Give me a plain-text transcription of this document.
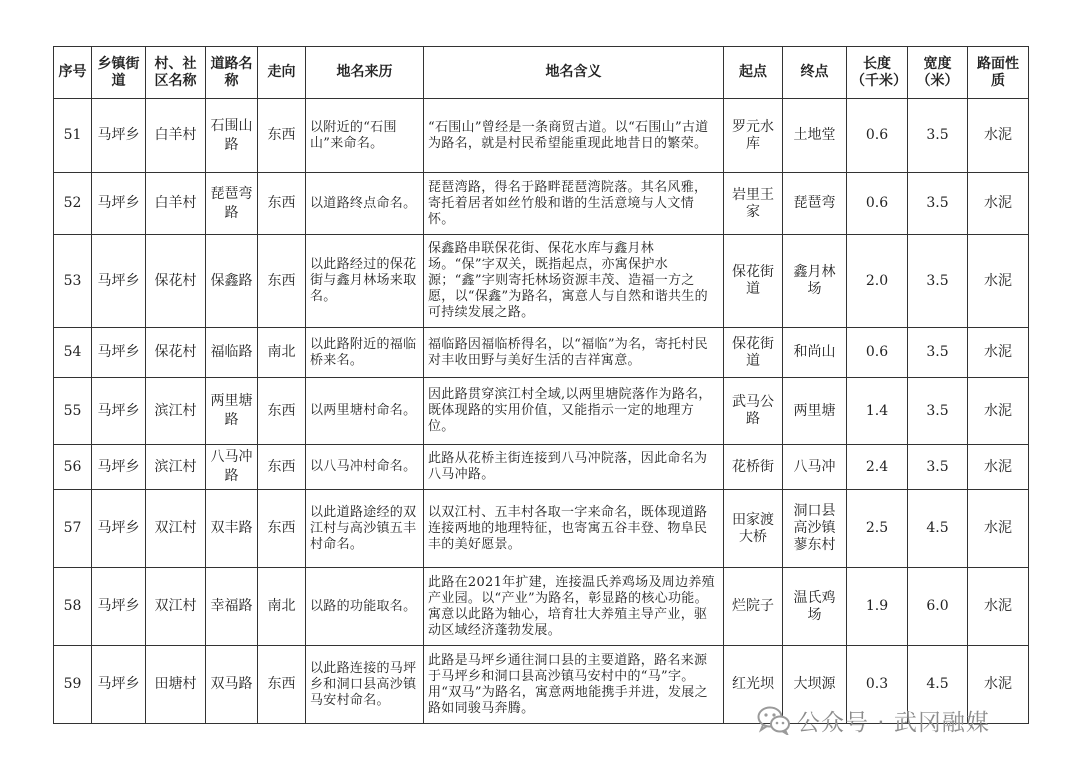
序号	乡镇街道	村、社区名称	道路名称	走向	地名来历	地名含义	起点	终点	长度（千米）	宽度（米）	路面性质
51	马坪乡	白羊村	石围山路	东西	以附近的“石围山”来命名。	“石围山”曾经是一条商贸古道。以“石围山”古道为路名，就是村民希望能重现此地昔日的繁荣。	罗元水库	土地堂	0.6	3.5	水泥
52	马坪乡	白羊村	琵琶弯路	东西	以道路终点命名。	琵琶湾路，得名于路畔琵琶湾院落。其名风雅，寄托着居者如丝竹般和谐的生活意境与人文情怀。	岩里王家	琵琶弯	0.6	3.5	水泥
53	马坪乡	保花村	保鑫路	东西	以此路经过的保花街与鑫月林场来取名。	保鑫路串联保花街、保花水库与鑫月林场。“保”字双关，既指起点，亦寓保护水源；“鑫”字则寄托林场资源丰茂、造福一方之愿，以“保鑫”为路名，寓意人与自然和谐共生的可持续发展之路。	保花街道	鑫月林场	2.0	3.5	水泥
54	马坪乡	保花村	福临路	南北	以此路附近的福临桥来名。	福临路因福临桥得名，以“福临”为名，寄托村民对丰收田野与美好生活的吉祥寓意。	保花街道	和尚山	0.6	3.5	水泥
55	马坪乡	滨江村	两里塘路	东西	以两里塘村命名。	因此路贯穿滨江村全域,以两里塘院落作为路名，既体现路的实用价值，又能指示一定的地理方位。	武马公路	两里塘	1.4	3.5	水泥
56	马坪乡	滨江村	八马冲路	东西	以八马冲村命名。	此路从花桥主街连接到八马冲院落，因此命名为八马冲路。	花桥街	八马冲	2.4	3.5	水泥
57	马坪乡	双江村	双丰路	东西	以此道路途经的双江村与高沙镇五丰村命名。	以双江村、五丰村各取一字来命名，既体现道路连接两地的地理特征，也寄寓五谷丰登、物阜民丰的美好愿景。	田家渡大桥	洞口县高沙镇蓼东村	2.5	4.5	水泥
58	马坪乡	双江村	幸福路	南北	以路的功能取名。	此路在2021年扩建，连接温氏养鸡场及周边养殖产业园。以“产业”为路名，彰显路的核心功能。寓意以此路为轴心，培育壮大养殖主导产业，驱动区域经济蓬勃发展。	烂院子	温氏鸡场	1.9	6.0	水泥
59	马坪乡	田塘村	双马路	东西	以此路连接的马坪乡和洞口县高沙镇马安村命名。	此路是马坪乡通往洞口县的主要道路，路名来源于马坪乡和洞口县高沙镇马安村中的“马”字。用“双马”为路名，寓意两地能携手并进，发展之路如同骏马奔腾。	红光坝	大坝源	0.3	4.5	水泥
公众号 · 武冈融媒
